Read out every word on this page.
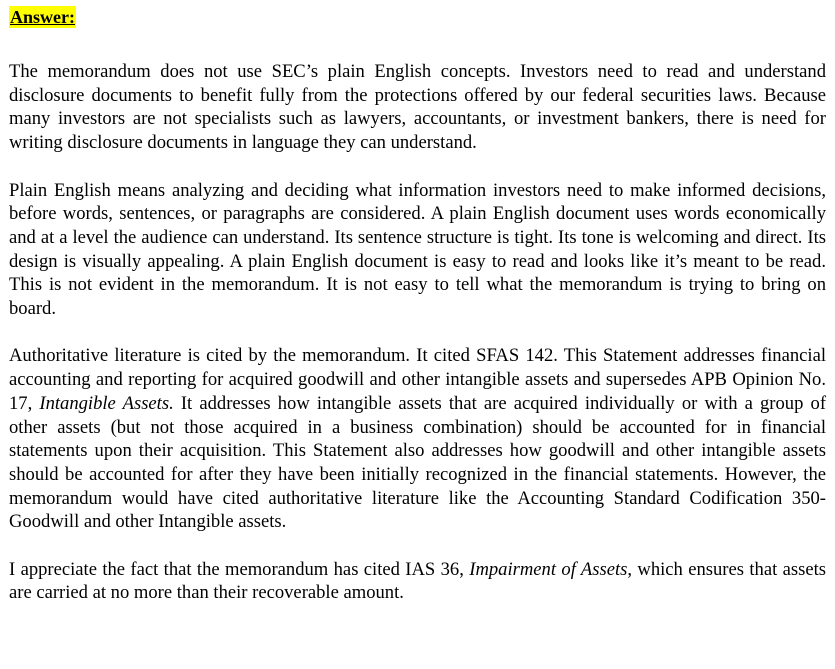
Answer:

The memorandum does not use SEC’s plain English concepts. Investors need to read and understand disclosure documents to benefit fully from the protections offered by our federal securities laws. Because many investors are not specialists such as lawyers, accountants, or investment bankers, there is need for writing disclosure documents in language they can understand.

Plain English means analyzing and deciding what information investors need to make informed decisions, before words, sentences, or paragraphs are considered. A plain English document uses words economically and at a level the audience can understand. Its sentence structure is tight. Its tone is welcoming and direct. Its design is visually appealing. A plain English document is easy to read and looks like it’s meant to be read. This is not evident in the memorandum. It is not easy to tell what the memorandum is trying to bring on board.

Authoritative literature is cited by the memorandum. It cited SFAS 142. This Statement addresses financial accounting and reporting for acquired goodwill and other intangible assets and supersedes APB Opinion No. 17, Intangible Assets. It addresses how intangible assets that are acquired individually or with a group of other assets (but not those acquired in a business combination) should be accounted for in financial statements upon their acquisition. This Statement also addresses how goodwill and other intangible assets should be accounted for after they have been initially recognized in the financial statements. However, the memorandum would have cited authoritative literature like the Accounting Standard Codification 350-Goodwill and other Intangible assets.

I appreciate the fact that the memorandum has cited IAS 36, Impairment of Assets, which ensures that assets are carried at no more than their recoverable amount.
